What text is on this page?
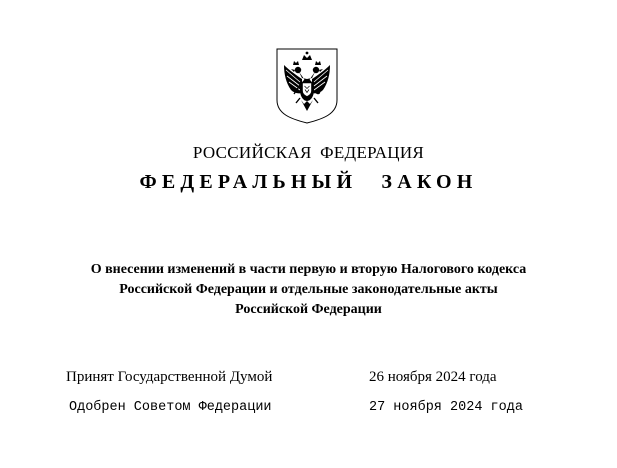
РОССИЙСКАЯ ФЕДЕРАЦИЯ
ФЕДЕРАЛЬНЫЙ ЗАКОН
О внесении изменений в части первую и вторую Налогового кодекса
Российской Федерации и отдельные законодательные акты
Российской Федерации
Принят Государственной Думой	26 ноября 2024 года
Одобрен Советом Федерации	27 ноября 2024 года
